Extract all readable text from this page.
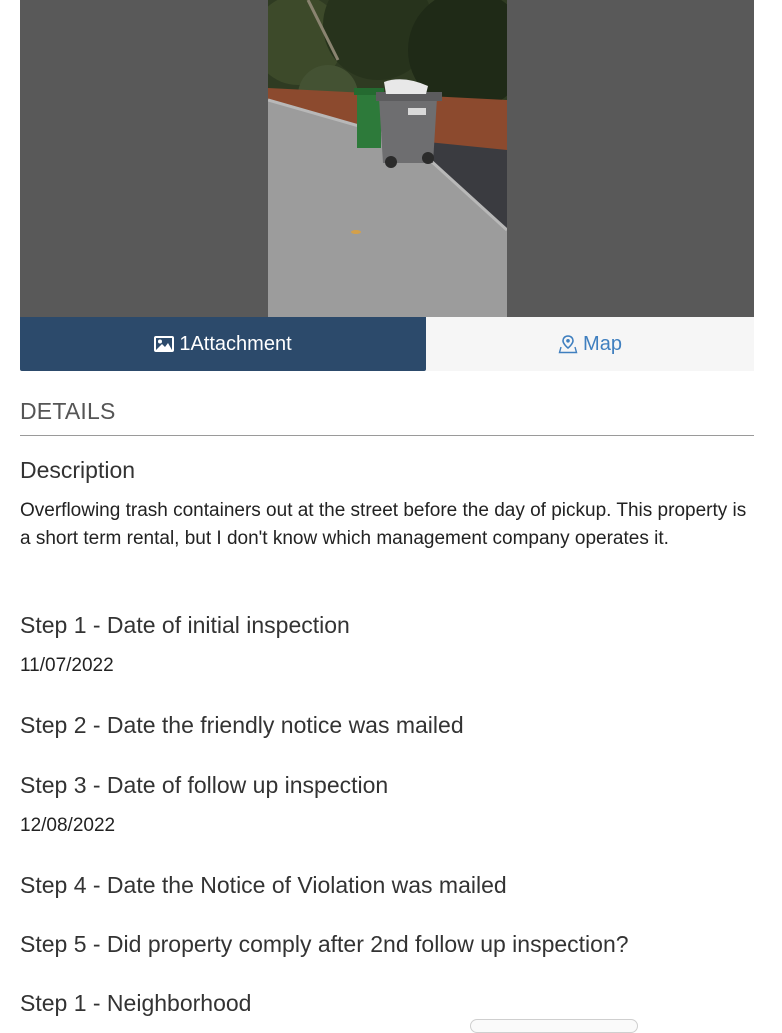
1 Attachment	Map
DETAILS
Description
Overflowing trash containers out at the street before the day of pickup. This property is a short term rental, but I don't know which management company operates it.
Step 1 - Date of initial inspection
11/07/2022
Step 2 - Date the friendly notice was mailed
Step 3 - Date of follow up inspection
12/08/2022
Step 4 - Date the Notice of Violation was mailed
Step 5 - Did property comply after 2nd follow up inspection?
Step 1 - Neighborhood
